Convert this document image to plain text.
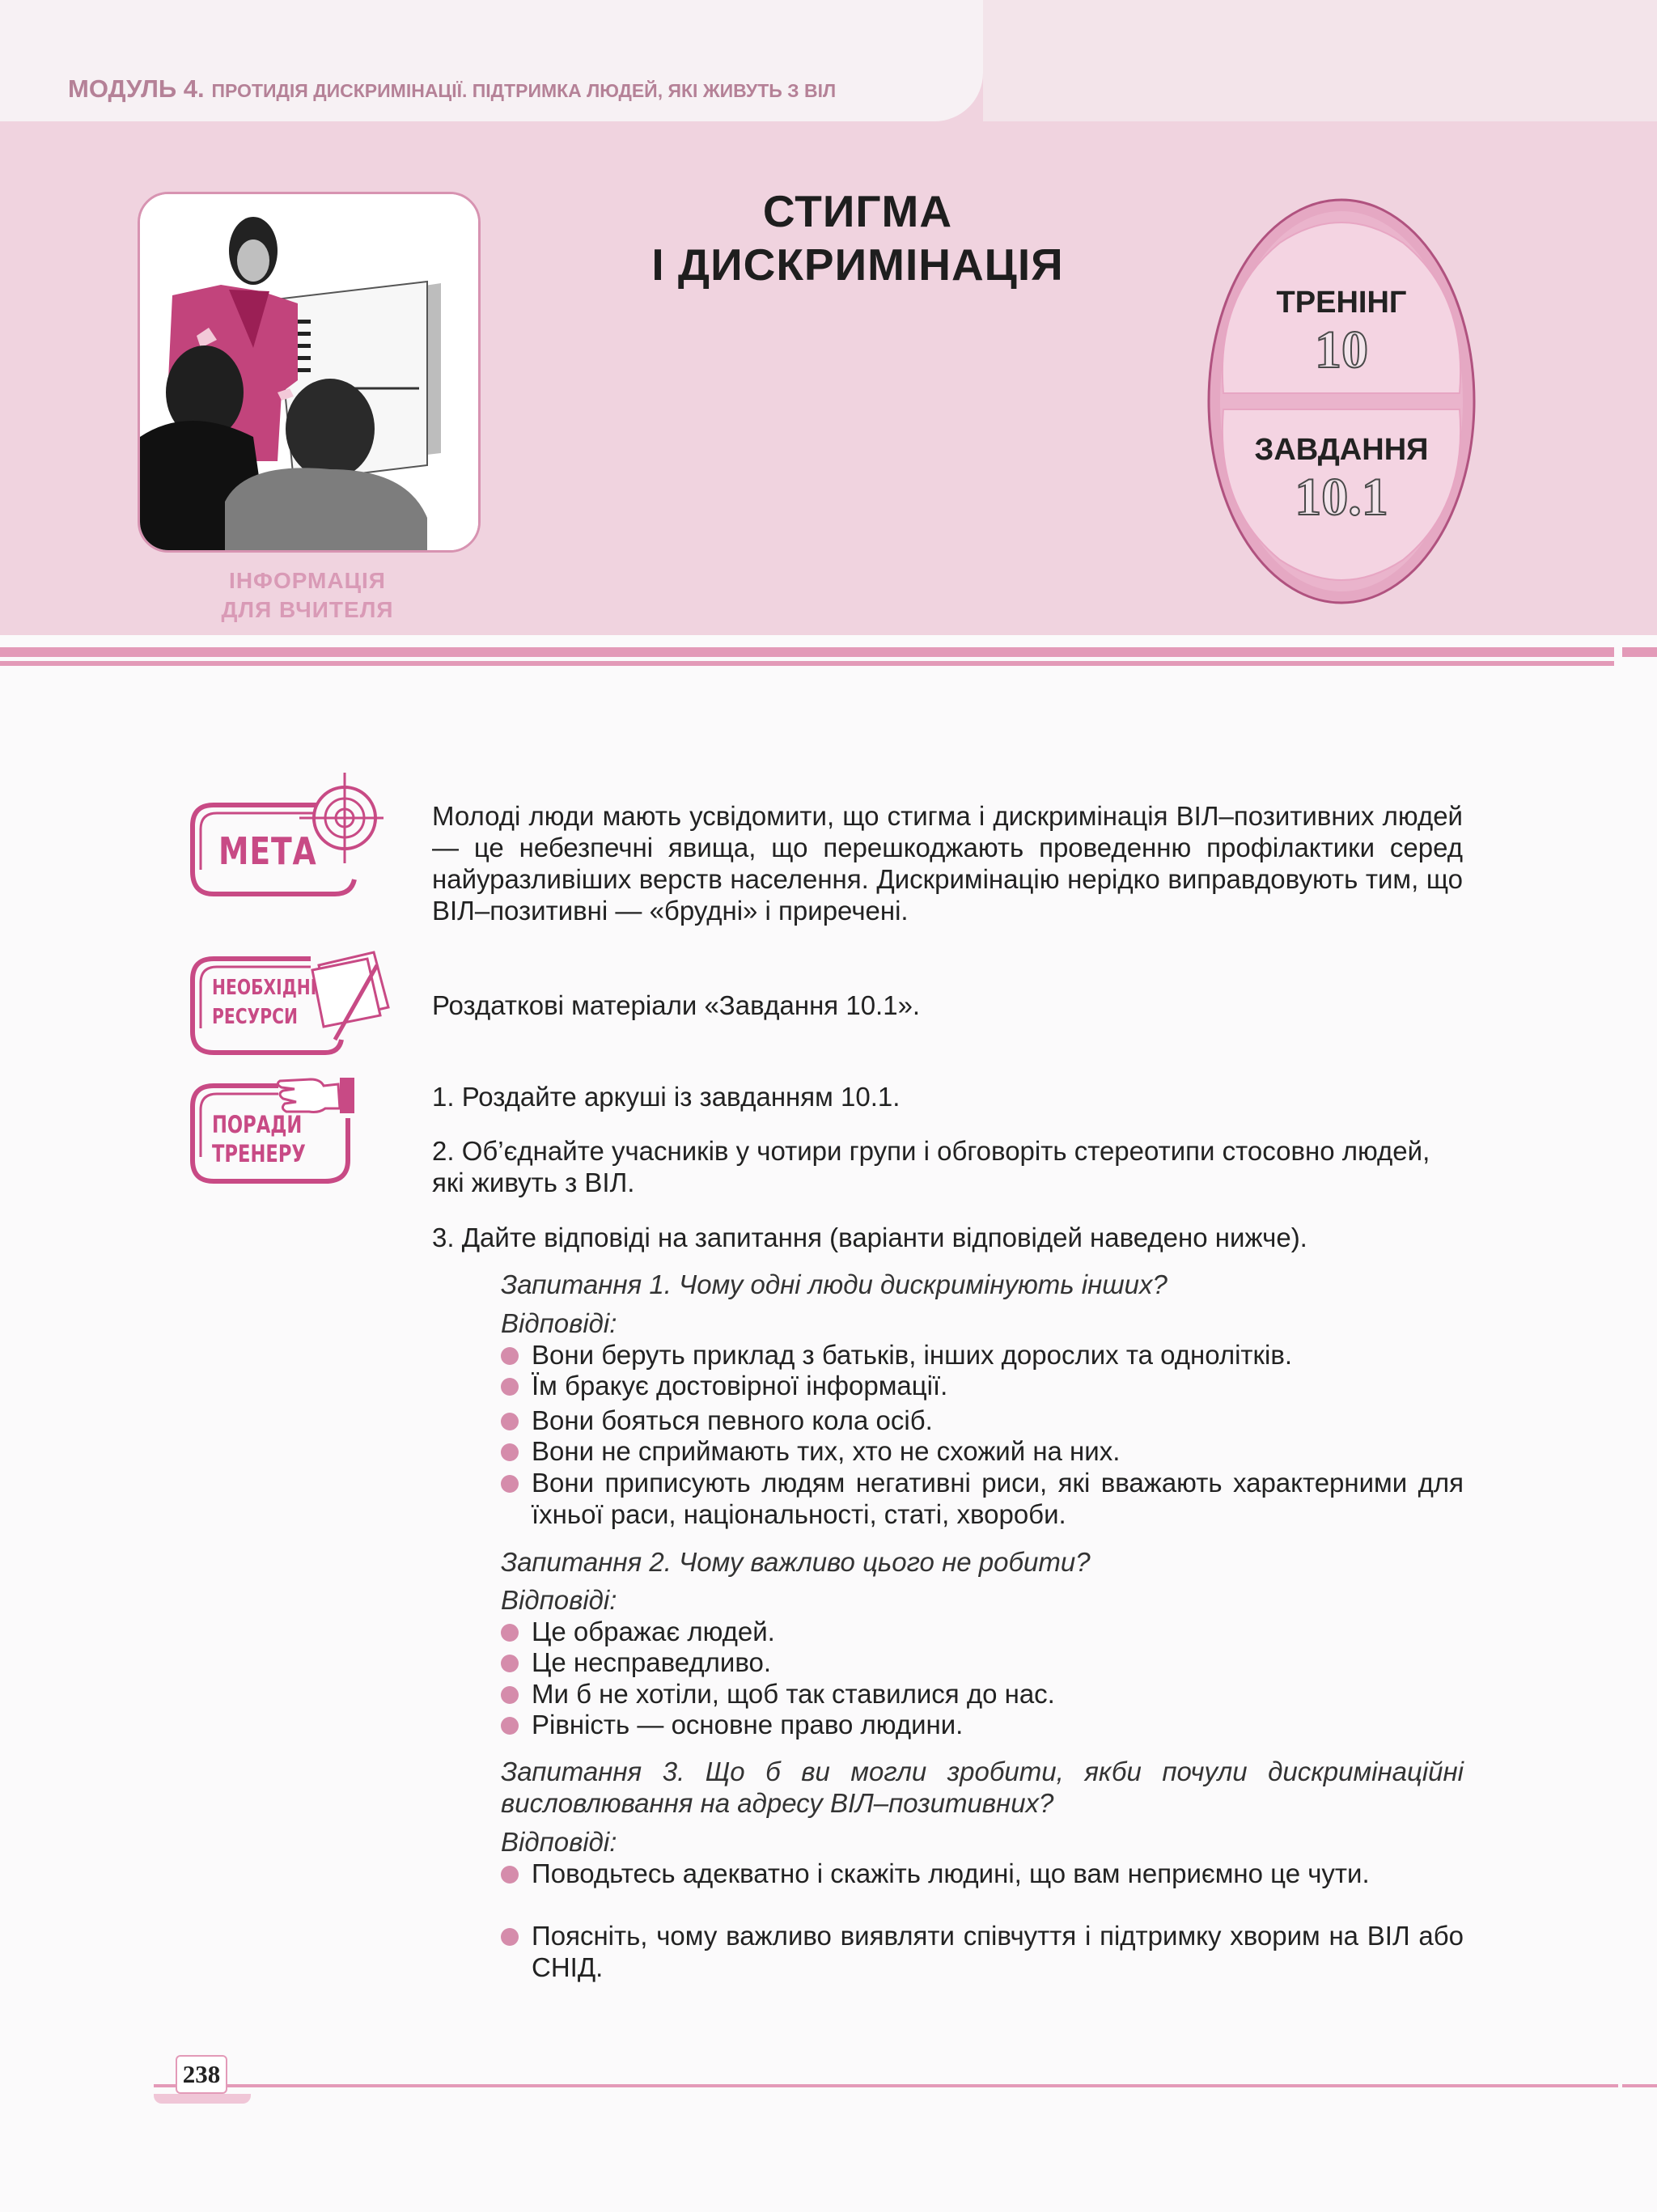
МОДУЛЬ 4. ПРОТИДІЯ ДИСКРИМІНАЦІЇ. ПІДТРИМКА ЛЮДЕЙ, ЯКІ ЖИВУТЬ З ВІЛ
ІНФОРМАЦІЯ
ДЛЯ ВЧИТЕЛЯ
СТИГМА
І ДИСКРИМІНАЦІЯ
ТРЕНІНГ
10
ЗАВДАННЯ
10.1
МЕТА
НЕОБХІДНІ
РЕСУРСИ
ПОРАДИ
ТРЕНЕРУ
Молоді люди мають усвідомити, що стигма і дискримінація ВІЛ–позитивних людей — це небезпечні явища, що перешкоджають проведенню профілактики серед найуразливіших верств населення. Дискримінацію нерідко виправдовують тим, що ВІЛ–позитивні — «брудні» і приречені.
Роздаткові матеріали «Завдання 10.1».
1. Роздайте аркуші із завданням 10.1.
2. Об’єднайте учасників у чотири групи і обговоріть стереотипи стосовно людей, які живуть з ВІЛ.
3. Дайте відповіді на запитання (варіанти відповідей наведено нижче).
Запитання 1. Чому одні люди дискримінують інших?
Відповіді:
Вони беруть приклад з батьків, інших дорослих та однолітків.
Їм бракує достовірної інформації.
Вони бояться певного кола осіб.
Вони не сприймають тих, хто не схожий на них.
Вони приписують людям негативні риси, які вважають характерними для їхньої раси, національності, статі, хвороби.
Запитання 2. Чому важливо цього не робити?
Відповіді:
Це ображає людей.
Це несправедливо.
Ми б не хотіли, щоб так ставилися до нас.
Рівність — основне право людини.
Запитання 3. Що б ви могли зробити, якби почули дискримінаційні висловлювання на адресу ВІЛ–позитивних?
Відповіді:
Поводьтесь адекватно і скажіть людині, що вам неприємно це чути.
Поясніть, чому важливо виявляти співчуття і підтримку хворим на ВІЛ або СНІД.
238
